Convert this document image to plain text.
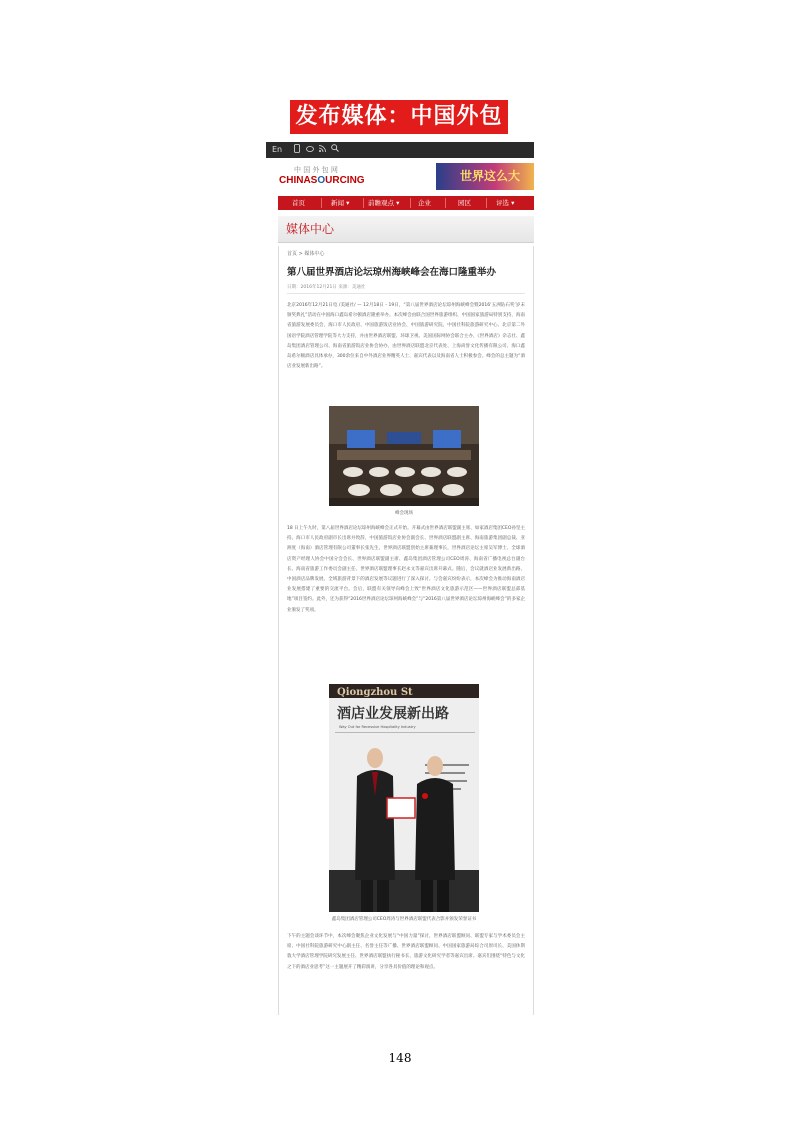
发布媒体：中国外包
En
中 国 外 包 网
CHINASOURCING	世界这么大
首页	新闻 ▾	前瞻观点 ▾	企业	园区	评选 ▾
媒体中心
首页 > 媒体中心
第八届世界酒店论坛琼州海峡峰会在海口隆重举办
日期：2016年12月21日 来源：美通社
北京2016年12月21日电 /美通社/ — 12月18日 - 19日，“第八届世界酒店论坛琼州海峡峰会暨2016‘五洲钻石奖’岁末颁奖典礼”活动在中国海口鑫岛希尔顿酒店隆重举办。本次峰会由联合国世界旅游组织、中国国家旅游局特别支持，海南省旅游发展委员会，海口市人民政府、中国旅游饭店业协会、中国旅游研究院、中国社科院旅游研究中心、北京第二外国语学院酒店管理学院等大力支持，并由世界酒店联盟、环球卫视、美国国际网协会联合主办，《世界酒店》杂志社、鑫岛集团酒店管理公司、海南省旅游饭店业协会协办，由世界酒店联盟北京代表处、上海尚誉文化传播有限公司、海口鑫岛希尔顿酒店具体承办，300余位来自中外酒店业界精英人士、嘉宾代表以及海南省人士积极参会。峰会的总主题为“酒店业发展新出路”。
峰会现场
18 日上午九时，第八届世界酒店论坛琼州海峡峰会正式开始。开幕式由世界酒店联盟副主席、如家酒店集团CEO孙坚主持。海口市人民政府副市长出席并致辞，中国旅游饭店业协会副会长、世界酒店联盟副主席、海南旅游集团副总裁、亚洲度（海南）酒店管理有限公司董事长张先生、世界酒店联盟创始主席兼理事长，世界酒店论坛主席吴军博士、全球酒店资产经理人协会中国分会会长、世界酒店联盟副主席、鑫岛集团酒店管理公司CEO周涛、海南省广播电视总台副台长、海南省旅游工作委员会副主任、世界酒店联盟理事长赵永文等嘉宾出席开幕式。随后，会议就酒店业发展新出路、中国酒店品牌发展、全域旅游背景下的酒店发展等议题进行了深入探讨。与会嘉宾纷纷表示，本次峰会为推动海南酒店业发展搭建了重要的交流平台。会后，联盟有关领导向峰会上致“世界酒店文化旅游示范区——世界酒店联盟总部基地”项目签约。此外，还为获得“2016世界酒店论坛琼州海峡峰会”与“2016第八届世界酒店论坛琼州海峡峰会”的多家企业颁发了奖项。
Qiongzhou St
酒店业发展新出路
Way Out for Recessive Hospitality Industry
鑫岛集团酒店管理公司CEO周涛与世界酒店联盟代表合影并颁发荣誉证书
下午的主题会谈环节中，本次峰会聚焦企业文化发展与“中国力量”探讨，世界酒店联盟顾问、联盟专家与学术委员会主席、中国社科院旅游研究中心副主任、名誉主任等广播、世界酒店联盟顾问、中国国家旅游局综合司原司长、美国休斯敦大学酒店管理学院研究发展主任、世界酒店联盟执行秘书长、旅游文化研究学者等嘉宾出席。嘉宾们围绕“特色与文化之下的酒店业思考”这一主题展开了精彩演讲，分享各具价值的理论和观点。
148
